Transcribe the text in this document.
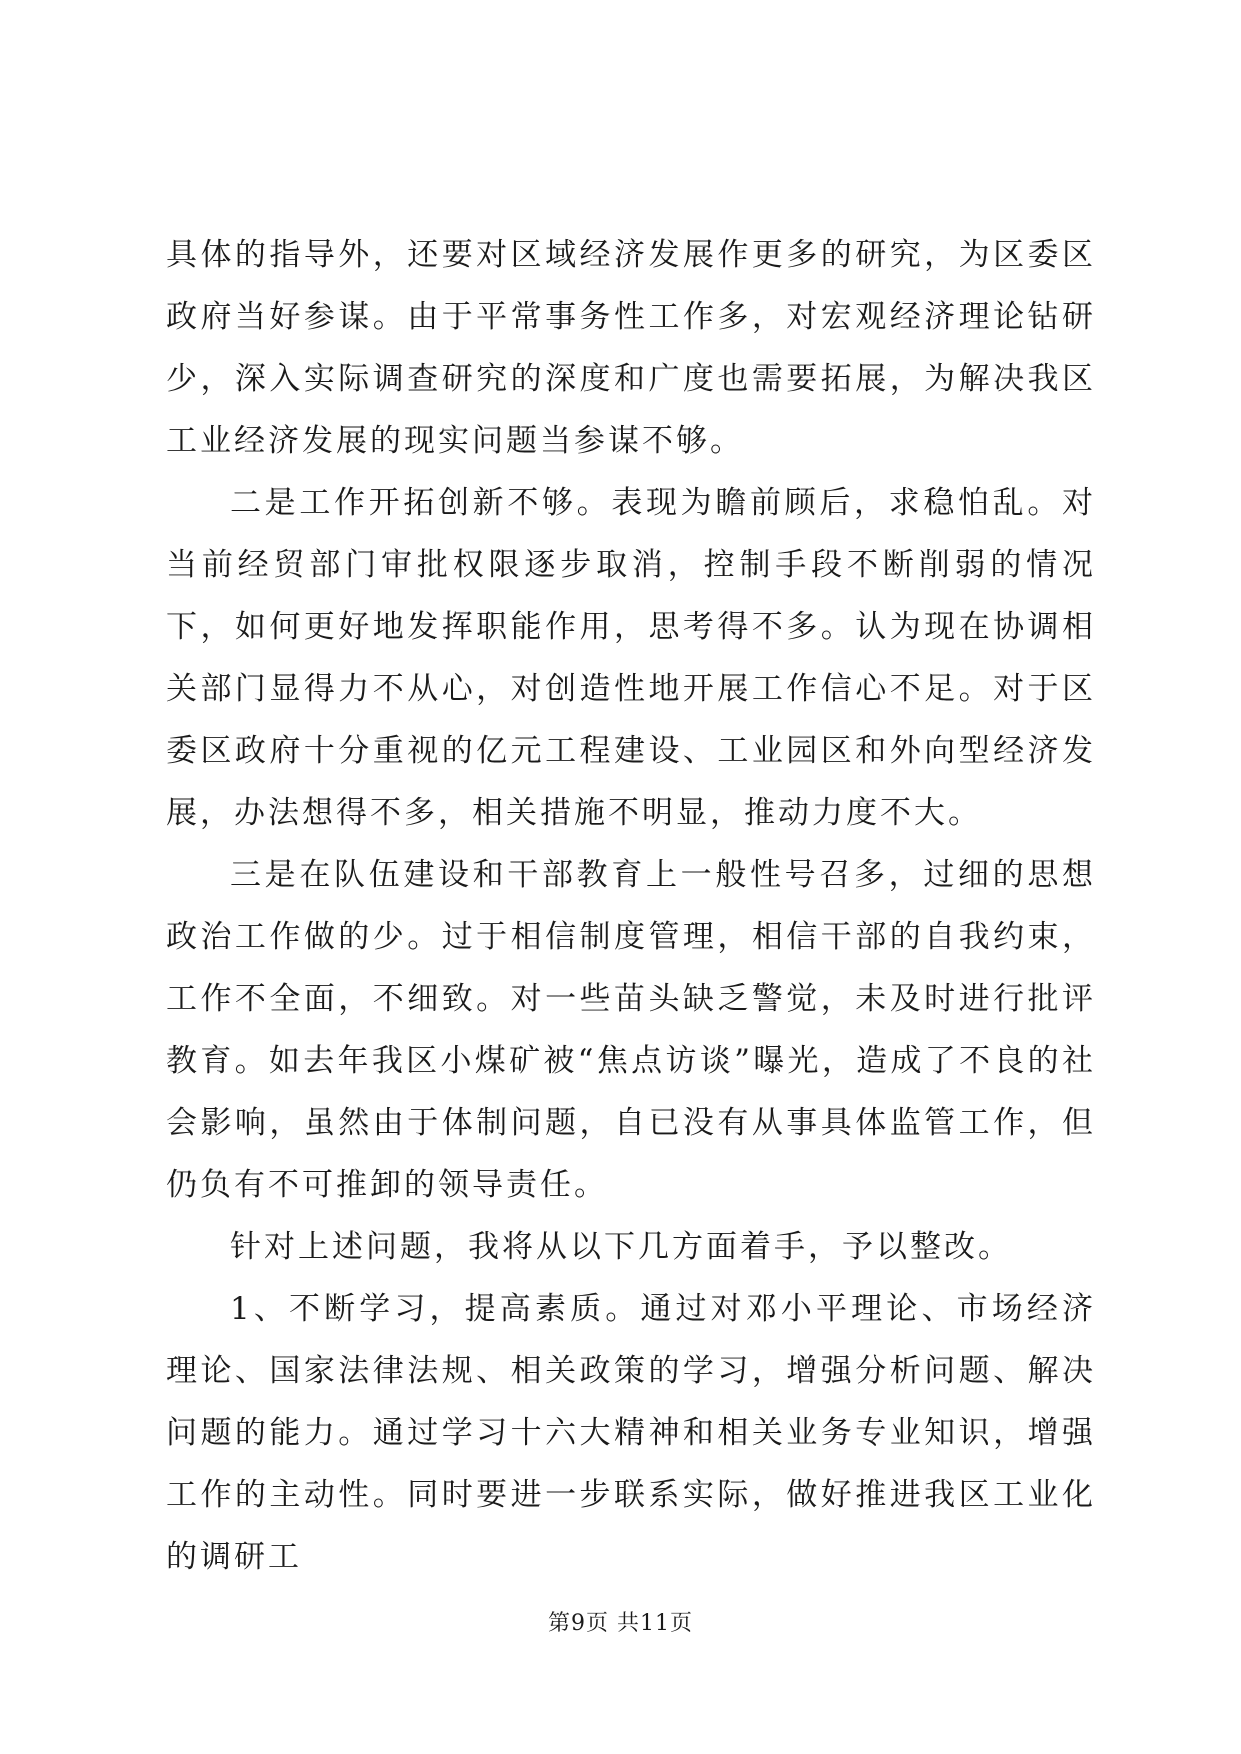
具体的指导外，还要对区域经济发展作更多的研究，为区委区政府当好参谋。由于平常事务性工作多，对宏观经济理论钻研少，深入实际调查研究的深度和广度也需要拓展，为解决我区工业经济发展的现实问题当参谋不够。

二是工作开拓创新不够。表现为瞻前顾后，求稳怕乱。对当前经贸部门审批权限逐步取消，控制手段不断削弱的情况下，如何更好地发挥职能作用，思考得不多。认为现在协调相关部门显得力不从心，对创造性地开展工作信心不足。对于区委区政府十分重视的亿元工程建设、工业园区和外向型经济发展，办法想得不多，相关措施不明显，推动力度不大。

三是在队伍建设和干部教育上一般性号召多，过细的思想政治工作做的少。过于相信制度管理，相信干部的自我约束，工作不全面，不细致。对一些苗头缺乏警觉，未及时进行批评教育。如去年我区小煤矿被“焦点访谈”曝光，造成了不良的社会影响，虽然由于体制问题，自已没有从事具体监管工作，但仍负有不可推卸的领导责任。

针对上述问题，我将从以下几方面着手，予以整改。

1、不断学习，提高素质。通过对邓小平理论、市场经济理论、国家法律法规、相关政策的学习，增强分析问题、解决问题的能力。通过学习十六大精神和相关业务专业知识，增强工作的主动性。同时要进一步联系实际，做好推进我区工业化的调研工

第9页 共11页
